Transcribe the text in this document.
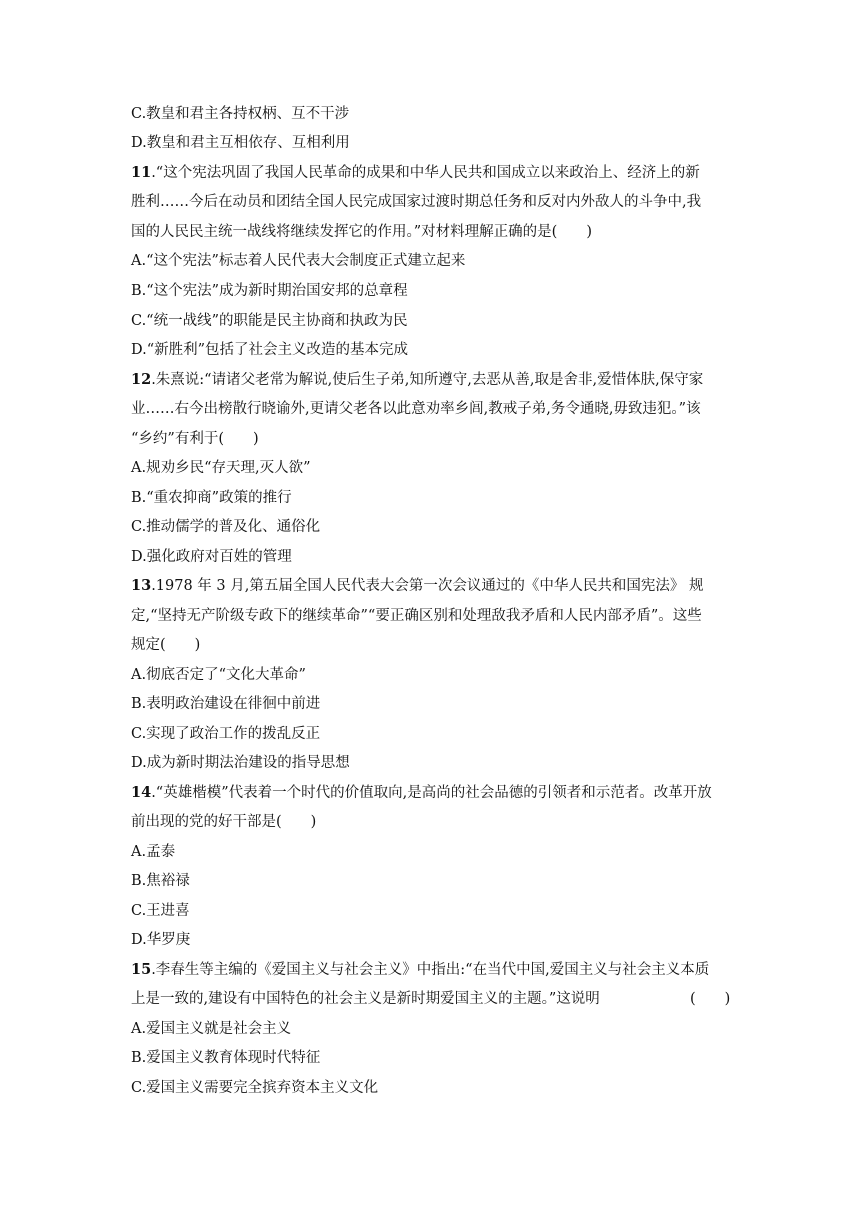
C.教皇和君主各持权柄、互不干涉
D.教皇和君主互相依存、互相利用
11.“这个宪法巩固了我国人民革命的成果和中华人民共和国成立以来政治上、经济上的新
胜利……今后在动员和团结全国人民完成国家过渡时期总任务和反对内外敌人的斗争中,我
国的人民民主统一战线将继续发挥它的作用。”对材料理解正确的是(　　)
A.“这个宪法”标志着人民代表大会制度正式建立起来
B.“这个宪法”成为新时期治国安邦的总章程
C.“统一战线”的职能是民主协商和执政为民
D.“新胜利”包括了社会主义改造的基本完成
12.朱熹说:“请诸父老常为解说,使后生子弟,知所遵守,去恶从善,取是舍非,爱惜体肤,保守家
业……右今出榜散行晓谕外,更请父老各以此意劝率乡闾,教戒子弟,务令通晓,毋致违犯。”该
“乡约”有利于(　　)
A.规劝乡民“存天理,灭人欲”
B.“重农抑商”政策的推行
C.推动儒学的普及化、通俗化
D.强化政府对百姓的管理
13.1978 年 3 月,第五届全国人民代表大会第一次会议通过的《中华人民共和国宪法》 规
定,“坚持无产阶级专政下的继续革命”“要正确区别和处理敌我矛盾和人民内部矛盾”。这些
规定(　　)
A.彻底否定了“文化大革命”
B.表明政治建设在徘徊中前进
C.实现了政治工作的拨乱反正
D.成为新时期法治建设的指导思想
14.“英雄楷模”代表着一个时代的价值取向,是高尚的社会品德的引领者和示范者。改革开放
前出现的党的好干部是(　　)
A.孟泰
B.焦裕禄
C.王进喜
D.华罗庚
15.李春生等主编的《爱国主义与社会主义》中指出:“在当代中国,爱国主义与社会主义本质
上是一致的,建设有中国特色的社会主义是新时期爱国主义的主题。”这说明	(　　)
A.爱国主义就是社会主义
B.爱国主义教育体现时代特征
C.爱国主义需要完全摈弃资本主义文化
